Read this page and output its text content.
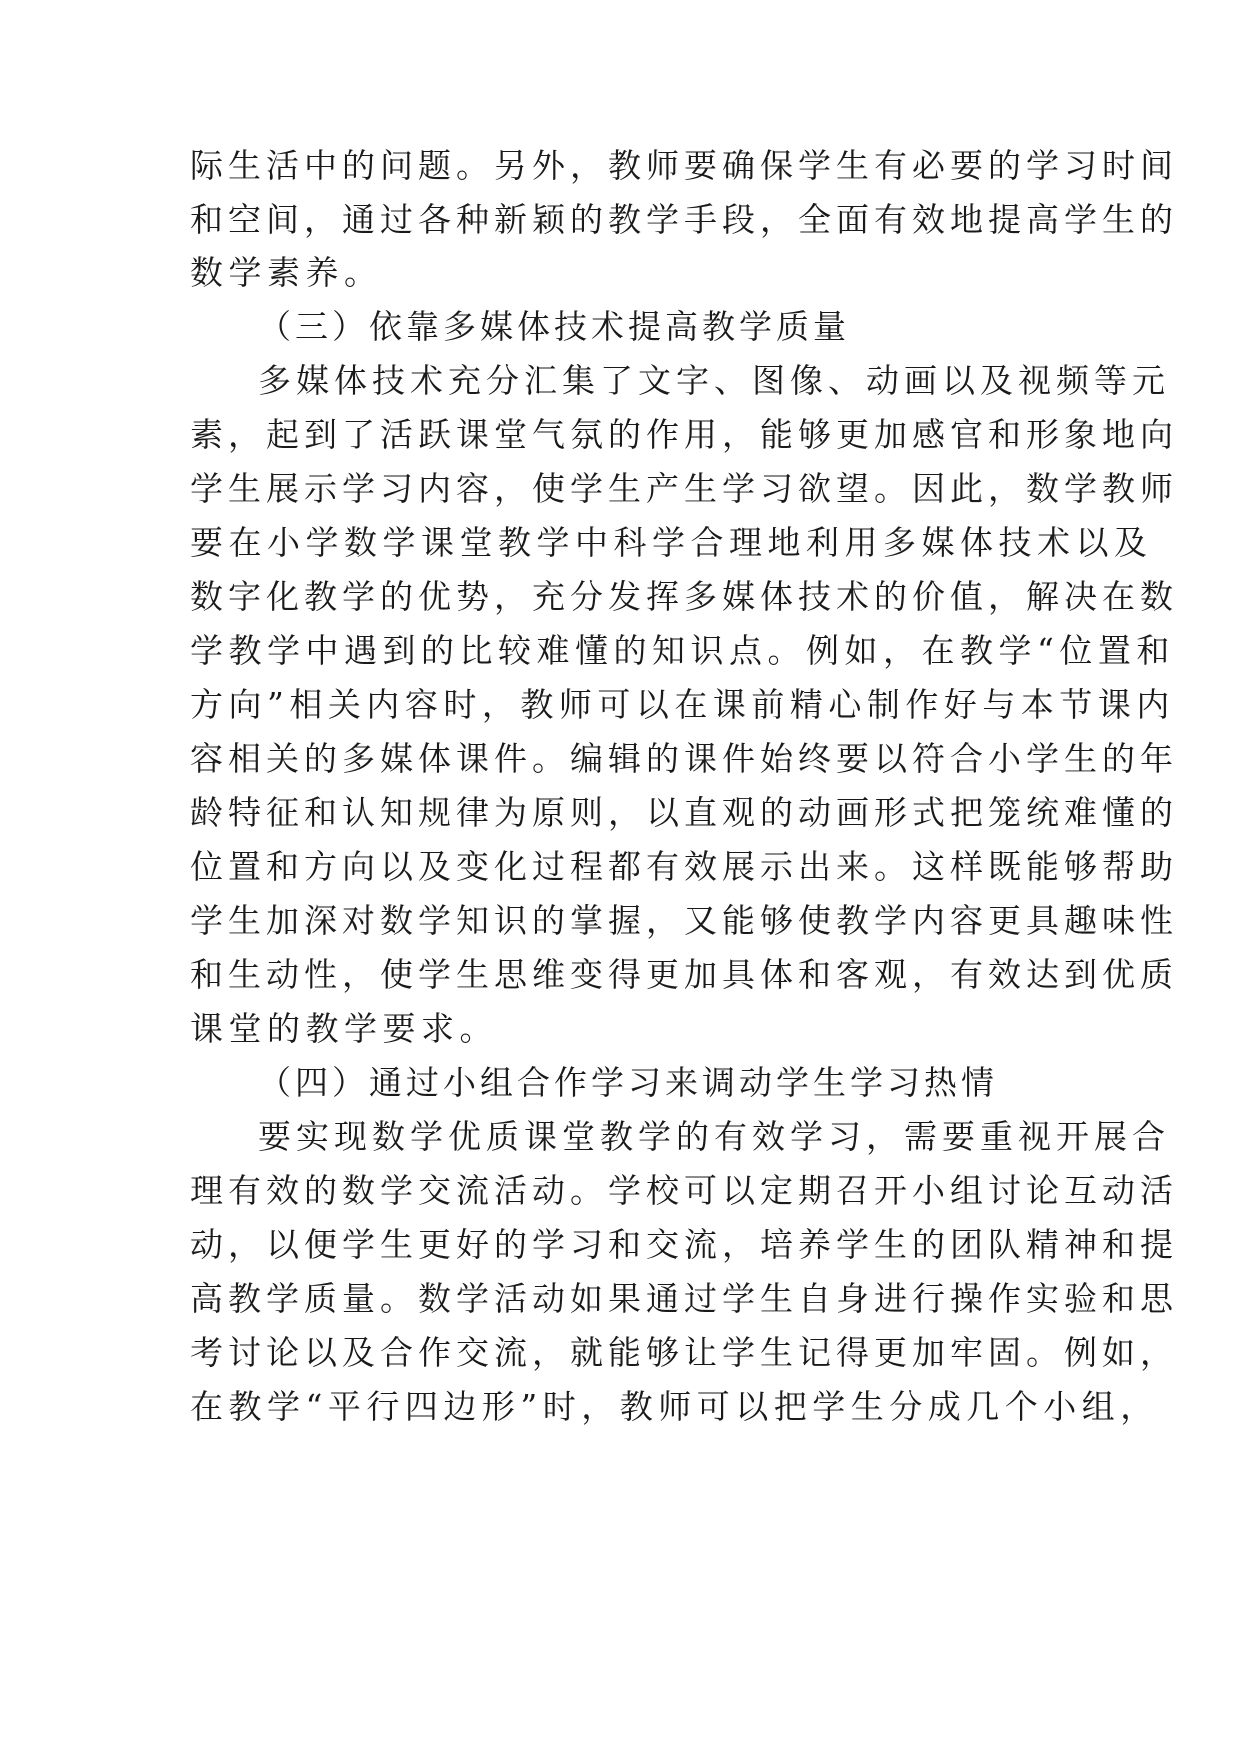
际生活中的问题。另外，教师要确保学生有必要的学习时间
和空间，通过各种新颖的教学手段，全面有效地提高学生的
数学素养。
（三）依靠多媒体技术提高教学质量
多媒体技术充分汇集了文字、图像、动画以及视频等元
素，起到了活跃课堂气氛的作用，能够更加感官和形象地向
学生展示学习内容，使学生产生学习欲望。因此，数学教师
要在小学数学课堂教学中科学合理地利用多媒体技术以及
数字化教学的优势，充分发挥多媒体技术的价值，解决在数
学教学中遇到的比较难懂的知识点。例如，在教学“位置和
方向”相关内容时，教师可以在课前精心制作好与本节课内
容相关的多媒体课件。编辑的课件始终要以符合小学生的年
龄特征和认知规律为原则，以直观的动画形式把笼统难懂的
位置和方向以及变化过程都有效展示出来。这样既能够帮助
学生加深对数学知识的掌握，又能够使教学内容更具趣味性
和生动性，使学生思维变得更加具体和客观，有效达到优质
课堂的教学要求。
（四）通过小组合作学习来调动学生学习热情
要实现数学优质课堂教学的有效学习，需要重视开展合
理有效的数学交流活动。学校可以定期召开小组讨论互动活
动，以便学生更好的学习和交流，培养学生的团队精神和提
高教学质量。数学活动如果通过学生自身进行操作实验和思
考讨论以及合作交流，就能够让学生记得更加牢固。例如，
在教学“平行四边形”时，教师可以把学生分成几个小组，
